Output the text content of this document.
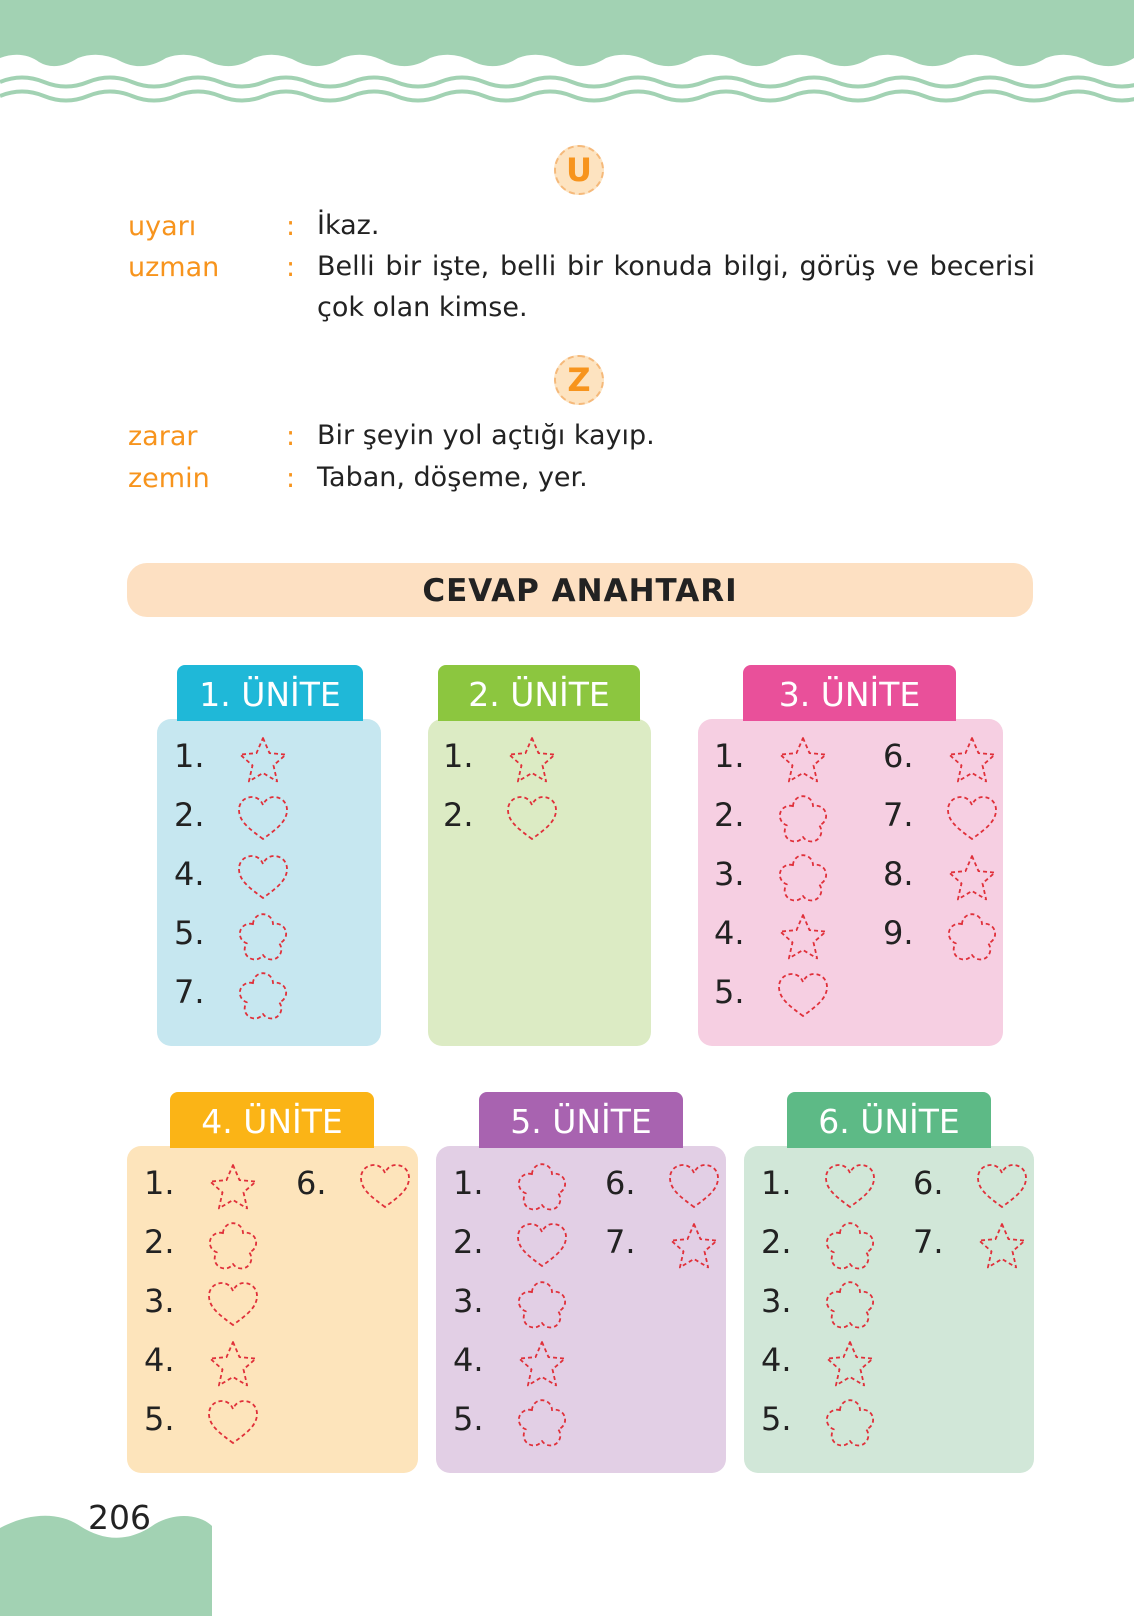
U
uyarı	: İkaz.
uzman : Belli bir işte, belli bir konuda bilgi, görüş ve becerisi
çok olan kimse.
Z
zarar	: Bir şeyin yol açtığı kayıp.
zemin	: Taban, döşeme, yer.
CEVAP ANAHTARI
1. ÜNİTE
1.
2.
4.
5.
7.
2. ÜNİTE
1.
2.
3. ÜNİTE
1.
2.
3.
4.
5.
6.
7.
8.
9.
4. ÜNİTE
1.
2.
3.
4.
5.
6.
5. ÜNİTE
1.
2.
3.
4.
5.
6.
7.
6. ÜNİTE
1.
2.
3.
4.
5.
6.
7.
206
